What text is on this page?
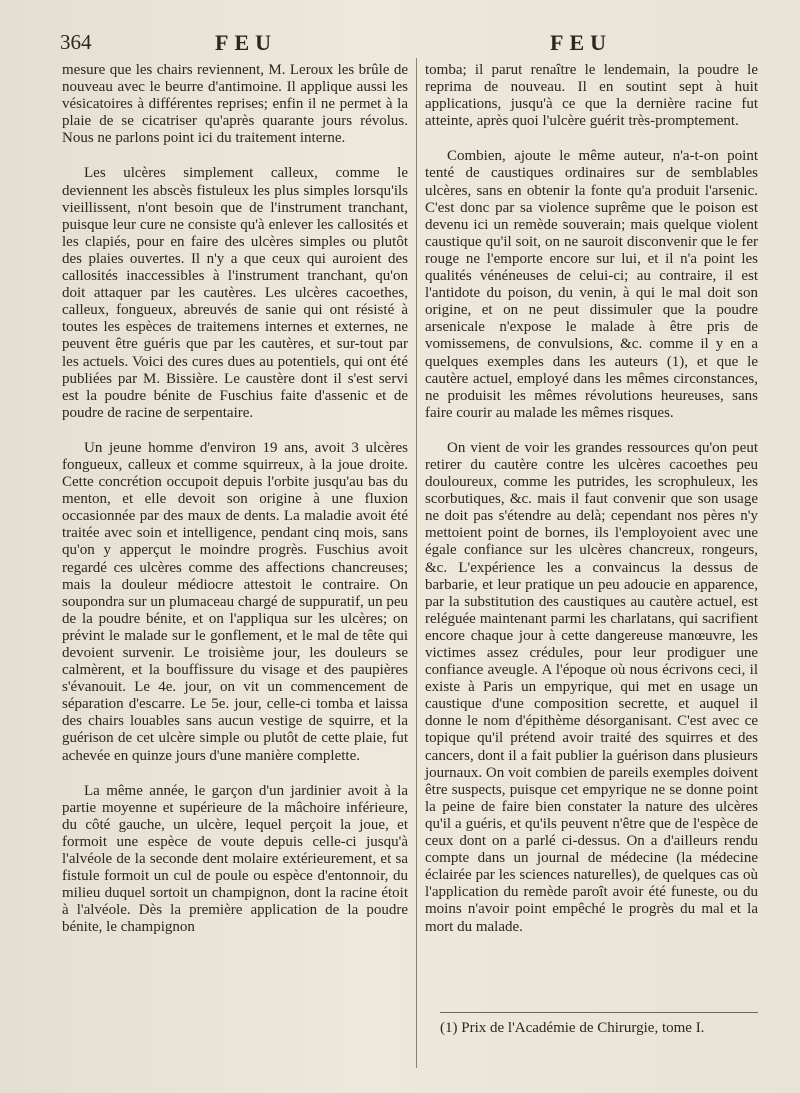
364	FEU	FEU

mesure que les chairs reviennent, M. Leroux les brûle de nouveau avec le beurre d'antimoine. Il applique aussi les vésicatoires à différentes reprises; enfin il ne permet à la plaie de se cicatriser qu'après quarante jours révolus. Nous ne parlons point ici du traitement interne.

Les ulcères simplement calleux, comme le deviennent les abscès fistuleux les plus simples lorsqu'ils vieillissent, n'ont besoin que de l'instrument tranchant, puisque leur cure ne consiste qu'à enlever les callosités et les clapiés, pour en faire des ulcères simples ou plutôt des plaies ouvertes. Il n'y a que ceux qui auroient des callosités inaccessibles à l'instrument tranchant, qu'on doit attaquer par les cautères. Les ulcères cacoethes, calleux, fongueux, abreuvés de sanie qui ont résisté à toutes les espèces de traitemens internes et externes, ne peuvent être guéris que par les cautères, et sur-tout par les actuels. Voici des cures dues au potentiels, qui ont été publiées par M. Bissière. Le caustère dont il s'est servi est la poudre bénite de Fuschius faite d'assenic et de poudre de racine de serpentaire.

Un jeune homme d'environ 19 ans, avoit 3 ulcères fongueux, calleux et comme squirreux, à la joue droite. Cette concrétion occupoit depuis l'orbite jusqu'au bas du menton, et elle devoit son origine à une fluxion occasionnée par des maux de dents. La maladie avoit été traitée avec soin et intelligence, pendant cinq mois, sans qu'on y apperçut le moindre progrès. Fuschius avoit regardé ces ulcères comme des affections chancreuses; mais la douleur médiocre attestoit le contraire. On soupondra sur un plumaceau chargé de suppuratif, un peu de la poudre bénite, et on l'appliqua sur les ulcères; on prévint le malade sur le gonflement, et le mal de tête qui devoient survenir. Le troisième jour, les douleurs se calmèrent, et la bouffissure du visage et des paupières s'évanouit. Le 4e. jour, on vit un commencement de séparation d'escarre. Le 5e. jour, celle-ci tomba et laissa des chairs louables sans aucun vestige de squirre, et la guérison de cet ulcère simple ou plutôt de cette plaie, fut achevée en quinze jours d'une manière complette.

La même année, le garçon d'un jardinier avoit à la partie moyenne et supérieure de la mâchoire inférieure, du côté gauche, un ulcère, lequel perçoit la joue, et formoit une espèce de voute depuis celle-ci jusqu'à l'alvéole de la seconde dent molaire extérieurement, et sa fistule formoit un cul de poule ou espèce d'entonnoir, du milieu duquel sortoit un champignon, dont la racine étoit à l'alvéole. Dès la première application de la poudre bénite, le champignon

tomba; il parut renaître le lendemain, la poudre le reprima de nouveau. Il en soutint sept à huit applications, jusqu'à ce que la dernière racine fut atteinte, après quoi l'ulcère guérit très-promptement.

Combien, ajoute le même auteur, n'a-t-on point tenté de caustiques ordinaires sur de semblables ulcères, sans en obtenir la fonte qu'a produit l'arsenic. C'est donc par sa violence suprême que le poison est devenu ici un remède souverain; mais quelque violent caustique qu'il soit, on ne sauroit disconvenir que le fer rouge ne l'emporte encore sur lui, et il n'a point les qualités vénéneuses de celui-ci; au contraire, il est l'antidote du poison, du venin, à qui le mal doit son origine, et on ne peut dissimuler que la poudre arsenicale n'expose le malade à être pris de vomissemens, de convulsions, &c. comme il y en a quelques exemples dans les auteurs (1), et que le cautère actuel, employé dans les mêmes circonstances, ne produisit les mêmes révolutions heureuses, sans faire courir au malade les mêmes risques.

On vient de voir les grandes ressources qu'on peut retirer du cautère contre les ulcères cacoethes peu douloureux, comme les putrides, les scrophuleux, les scorbutiques, &c. mais il faut convenir que son usage ne doit pas s'étendre au delà; cependant nos pères n'y mettoient point de bornes, ils l'employoient avec une égale confiance sur les ulcères chancreux, rongeurs, &c. L'expérience les a convaincus la dessus de barbarie, et leur pratique un peu adoucie en apparence, par la substitution des caustiques au cautère actuel, est reléguée maintenant parmi les charlatans, qui sacrifient encore chaque jour à cette dangereuse manœuvre, les victimes assez crédules, pour leur prodiguer une confiance aveugle. A l'époque où nous écrivons ceci, il existe à Paris un empyrique, qui met en usage un caustique d'une composition secrette, et auquel il donne le nom d'épithème désorganisant. C'est avec ce topique qu'il prétend avoir traité des squirres et des cancers, dont il a fait publier la guérison dans plusieurs journaux. On voit combien de pareils exemples doivent être suspects, puisque cet empyrique ne se donne point la peine de faire bien constater la nature des ulcères qu'il a guéris, et qu'ils peuvent n'être que de l'espèce de ceux dont on a parlé ci-dessus. On a d'ailleurs rendu compte dans un journal de médecine (la médecine éclairée par les sciences naturelles), de quelques cas où l'application du remède paroît avoir été funeste, ou du moins n'avoir point empêché le progrès du mal et la mort du malade.

(1) Prix de l'Académie de Chirurgie, tome I.
